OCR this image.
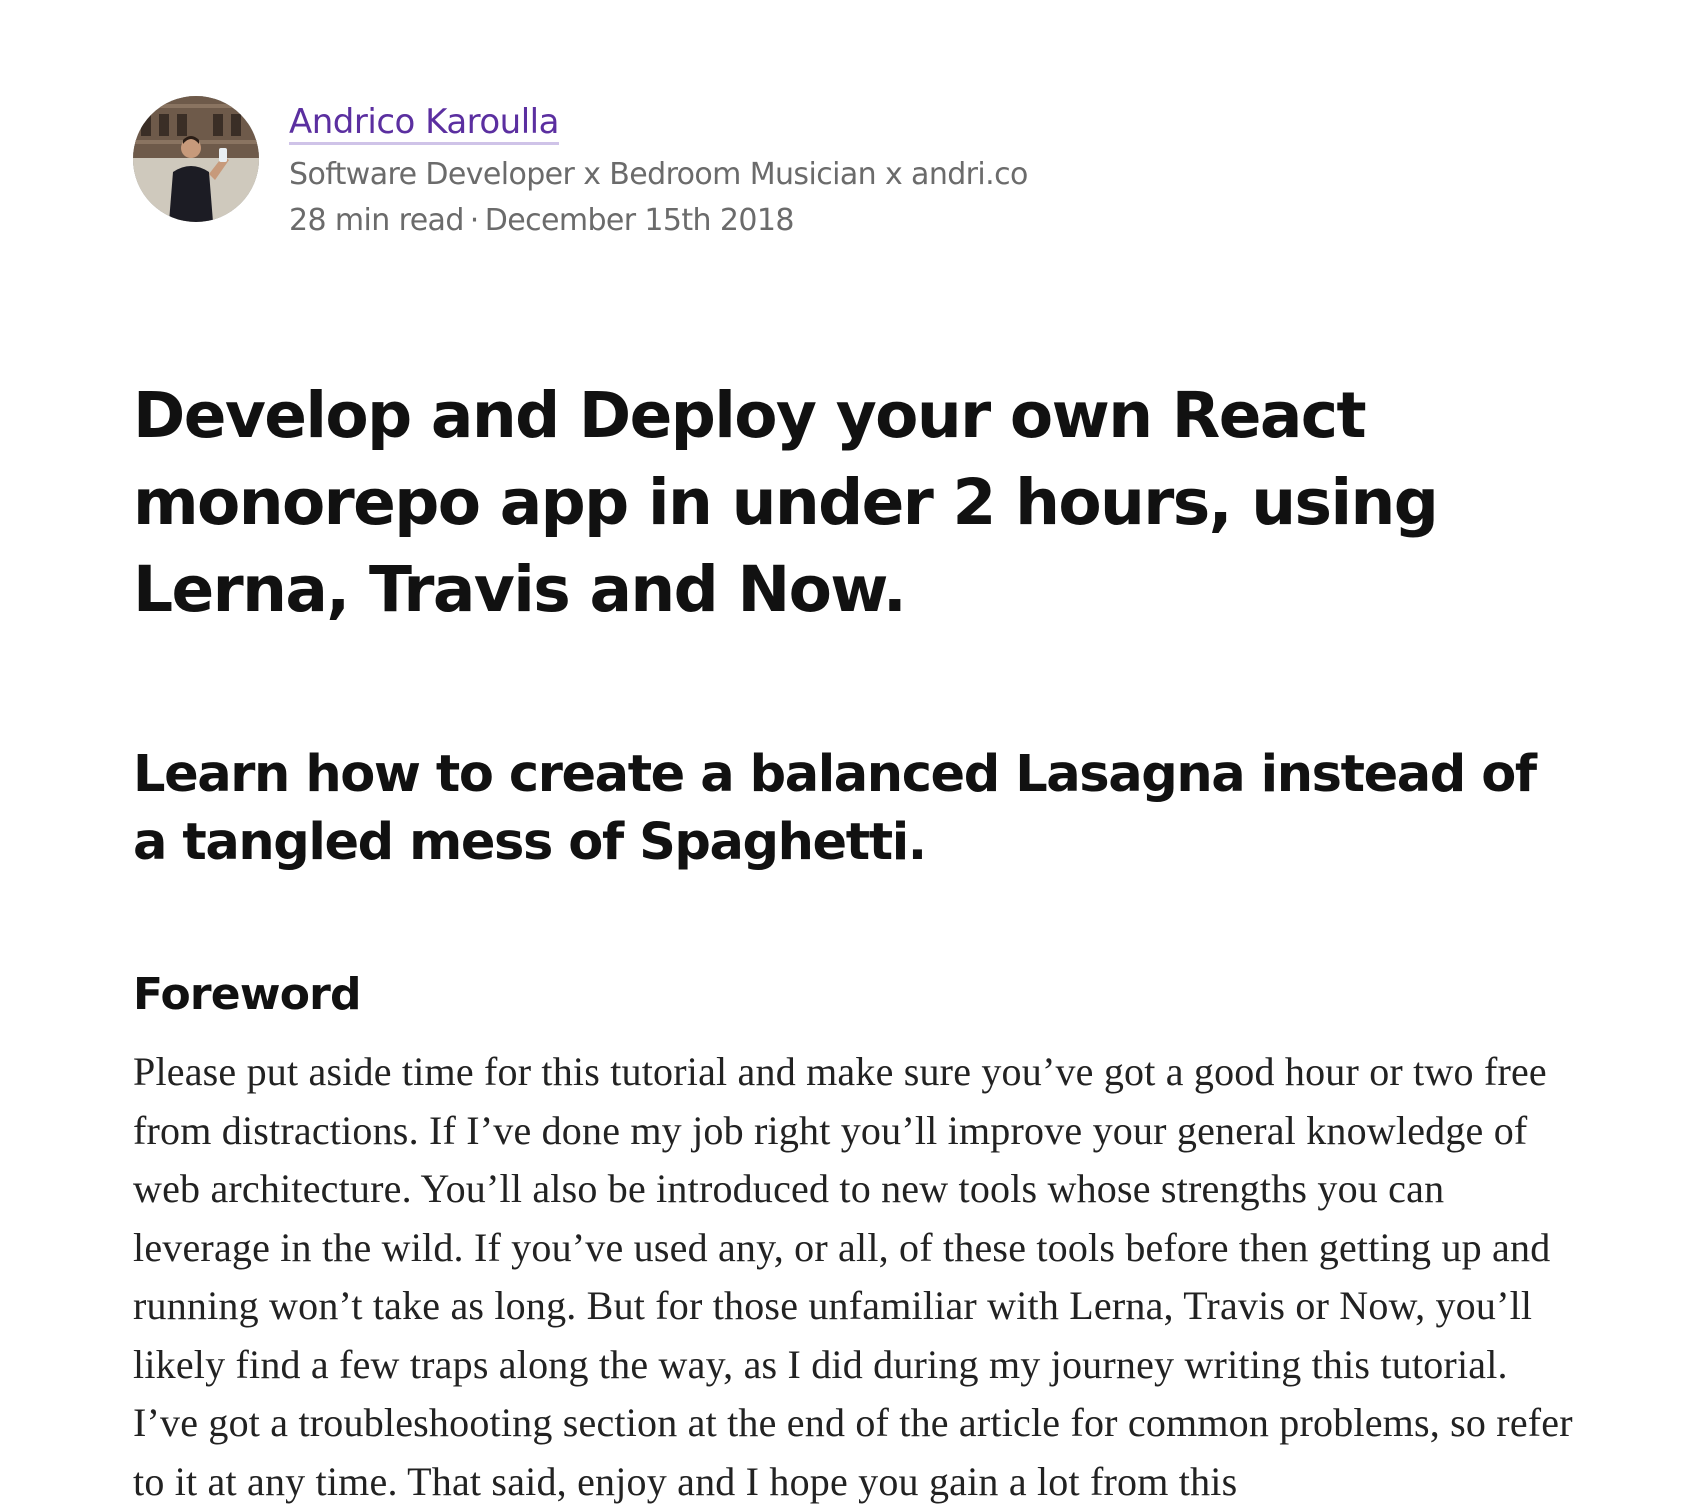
Andrico Karoulla
Software Developer x Bedroom Musician x andri.co
28 min read · December 15th 2018
Develop and Deploy your own React monorepo app in under 2 hours, using Lerna, Travis and Now.
Learn how to create a balanced Lasagna instead of a tangled mess of Spaghetti.
Foreword

Please put aside time for this tutorial and make sure you’ve got a good hour or two free from distractions. If I’ve done my job right you’ll improve your general knowledge of web architecture. You’ll also be introduced to new tools whose strengths you can leverage in the wild. If you’ve used any, or all, of these tools before then getting up and running won’t take as long. But for those unfamiliar with Lerna, Travis or Now, you’ll likely find a few traps along the way, as I did during my journey writing this tutorial. I’ve got a troubleshooting section at the end of the article for common problems, so refer to it at any time. That said, enjoy and I hope you gain a lot from this
